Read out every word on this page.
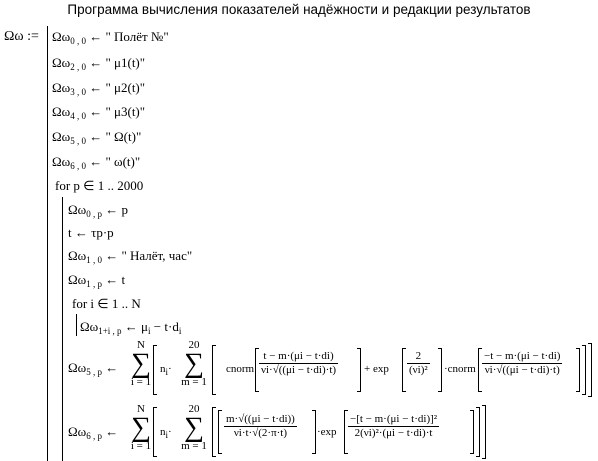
Программа вычисления показателей надёжности и редакции результатов
Ωω := $\Omega\omega_{0 , 0}$ ← " Полёт №"
$\Omega\omega_{2 , 0}$ ← " μ1(t)"
$\Omega\omega_{3 , 0}$ ← " μ2(t)"
$\Omega\omega_{4 , 0}$ ← " μ3(t)"
$\Omega\omega_{5 , 0}$ ← " Ω(t)"
$\Omega\omega_{6 , 0}$ ← " ω(t)"
for p ∈ 1 .. 2000
$\Omega\omega_{0 , p}$ ← p
t ← τp·p
$\Omega\omega_{1 , 0}$ ← " Налёт, час"
$\Omega\omega_{1 , p}$ ← t
for i ∈ 1 .. N
$\Omega\omega_{1+i , p}$ ← $\mu_i - t\cdot d_i$
$\Omega\omega_{5 , p}$ ←
N
∑
i = 1
$n_i\cdot$
20
∑
m = 1
cnorm $\frac{t - m\cdot(\mu i - t\cdot di)}{\nu i\cdot√((\mu i - t\cdot di)\cdot t)} + \exp \frac{2}{\text{(νi)²}}$ ·cnorm $\frac{-t - m\cdot(\mu i - t\cdot di)}{\nu i\cdot√((\mu i - t\cdot di)\cdot t)}$
$\Omega\omega_{6 , p}$ ←
N
∑
i = 1
$n_i\cdot$
20
∑
m = 1
$\frac{m\cdot√((\mu i - t\cdot di))}{\nu i\cdot t\cdot√(2\cdot\pi\cdot t)} \cdot\exp \frac{\text{−[t − m·(μi − t·di)]²}}{\text{2(νi)²·(μi − t·di)·t}}$
